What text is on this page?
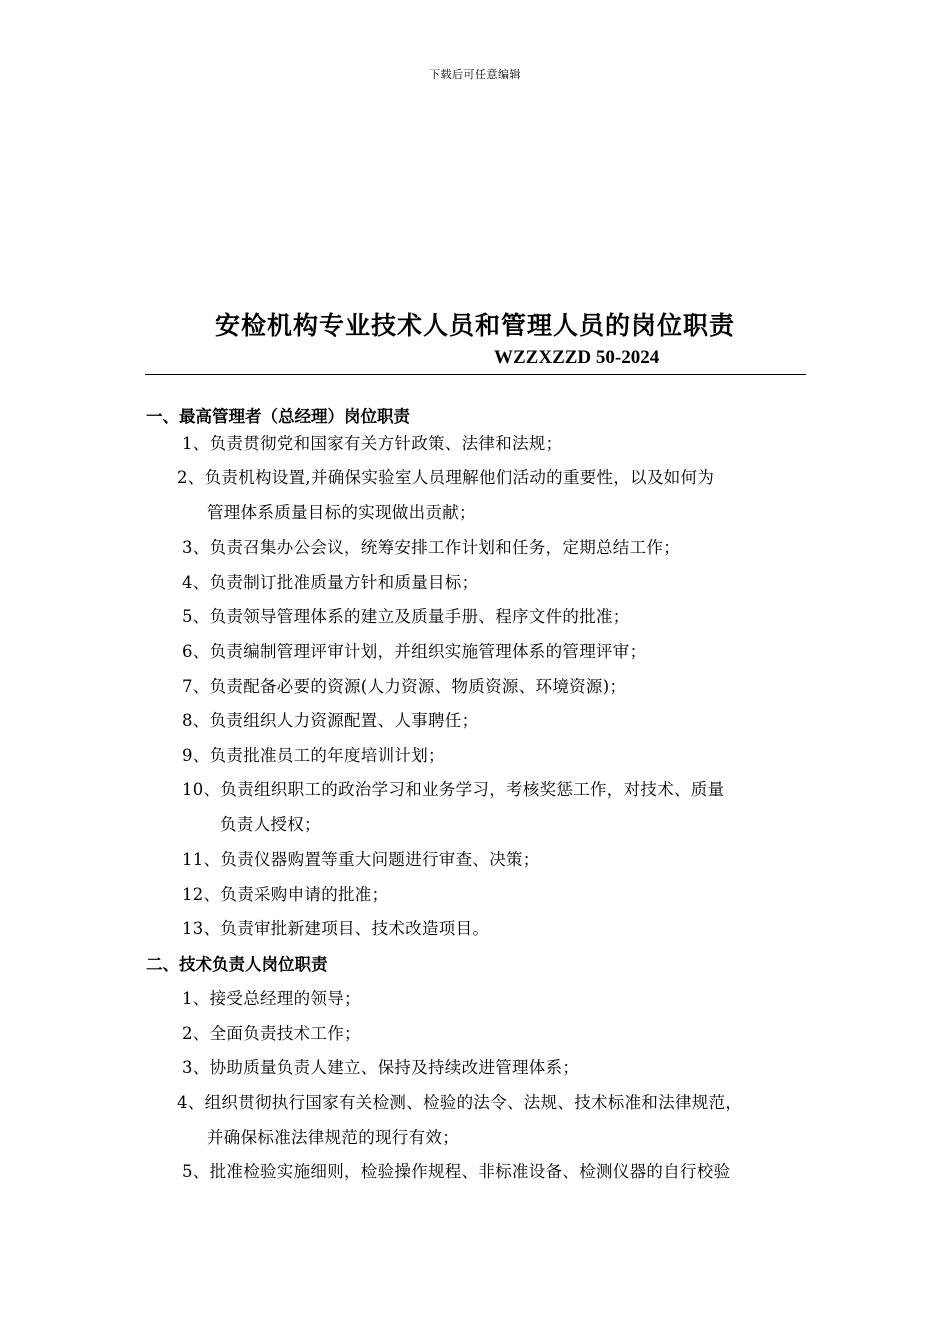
下载后可任意编辑
安检机构专业技术人员和管理人员的岗位职责
WZZXZZD 50-2024
一、最高管理者（总经理）岗位职责
1、负责贯彻党和国家有关方针政策、法律和法规；
2、负责机构设置,并确保实验室人员理解他们活动的重要性，以及如何为
管理体系质量目标的实现做出贡献；
3、负责召集办公会议，统筹安排工作计划和任务，定期总结工作；
4、负责制订批准质量方针和质量目标；
5、负责领导管理体系的建立及质量手册、程序文件的批准；
6、负责编制管理评审计划，并组织实施管理体系的管理评审；
7、负责配备必要的资源(人力资源、物质资源、环境资源)；
8、负责组织人力资源配置、人事聘任；
9、负责批准员工的年度培训计划；
10、负责组织职工的政治学习和业务学习，考核奖惩工作，对技术、质量
负责人授权；
11、负责仪器购置等重大问题进行审查、决策；
12、负责采购申请的批准；
13、负责审批新建项目、技术改造项目。
二、技术负责人岗位职责
1、接受总经理的领导；
2、全面负责技术工作；
3、协助质量负责人建立、保持及持续改进管理体系；
4、组织贯彻执行国家有关检测、检验的法令、法规、技术标准和法律规范，
并确保标准法律规范的现行有效；
5、批准检验实施细则，检验操作规程、非标准设备、检测仪器的自行校验
